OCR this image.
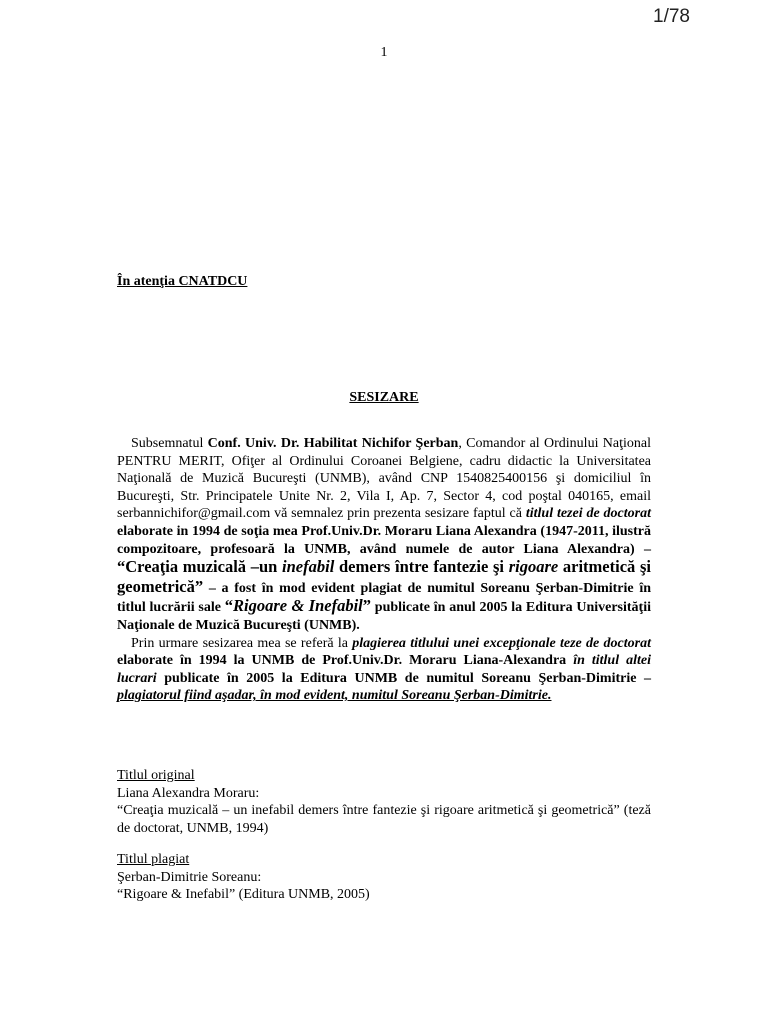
1/78
1
În atenţia CNATDCU
SESIZARE

Subsemnatul Conf. Univ. Dr. Habilitat Nichifor Şerban, Comandor al Ordinului Naţional PENTRU MERIT, Ofiţer al Ordinului Coroanei Belgiene, cadru didactic la Universitatea Naţională de Muzică Bucureşti (UNMB), având CNP 1540825400156 şi domiciliul în Bucureşti, Str. Principatele Unite Nr. 2, Vila I, Ap. 7, Sector 4, cod poştal 040165, email serbannichifor@gmail.com vă semnalez prin prezenta sesizare faptul că titlul tezei de doctorat elaborate in 1994 de soţia mea Prof.Univ.Dr. Moraru Liana Alexandra (1947-2011, ilustră compozitoare, profesoară la UNMB, având numele de autor Liana Alexandra) – “Creaţia muzicală –un inefabil demers între fantezie şi rigoare aritmetică şi geometrică” – a fost în mod evident plagiat de numitul Soreanu Şerban-Dimitrie în titlul lucrării sale “Rigoare & Inefabil” publicate în anul 2005 la Editura Universităţii Naţionale de Muzică Bucureşti (UNMB).

Prin urmare sesizarea mea se referă la plagierea titlului unei excepţionale teze de doctorat elaborate în 1994 la UNMB de Prof.Univ.Dr. Moraru Liana-Alexandra în titlul altei lucrari publicate în 2005 la Editura UNMB de numitul Soreanu Şerban-Dimitrie – plagiatorul fiind aşadar, în mod evident, numitul Soreanu Şerban-Dimitrie.

Titlul original
Liana Alexandra Moraru:
“Creaţia muzicală – un inefabil demers între fantezie şi rigoare aritmetică şi geometrică” (teză de doctorat, UNMB, 1994)
Titlul plagiat
Şerban-Dimitrie Soreanu:
“Rigoare & Inefabil” (Editura UNMB, 2005)
